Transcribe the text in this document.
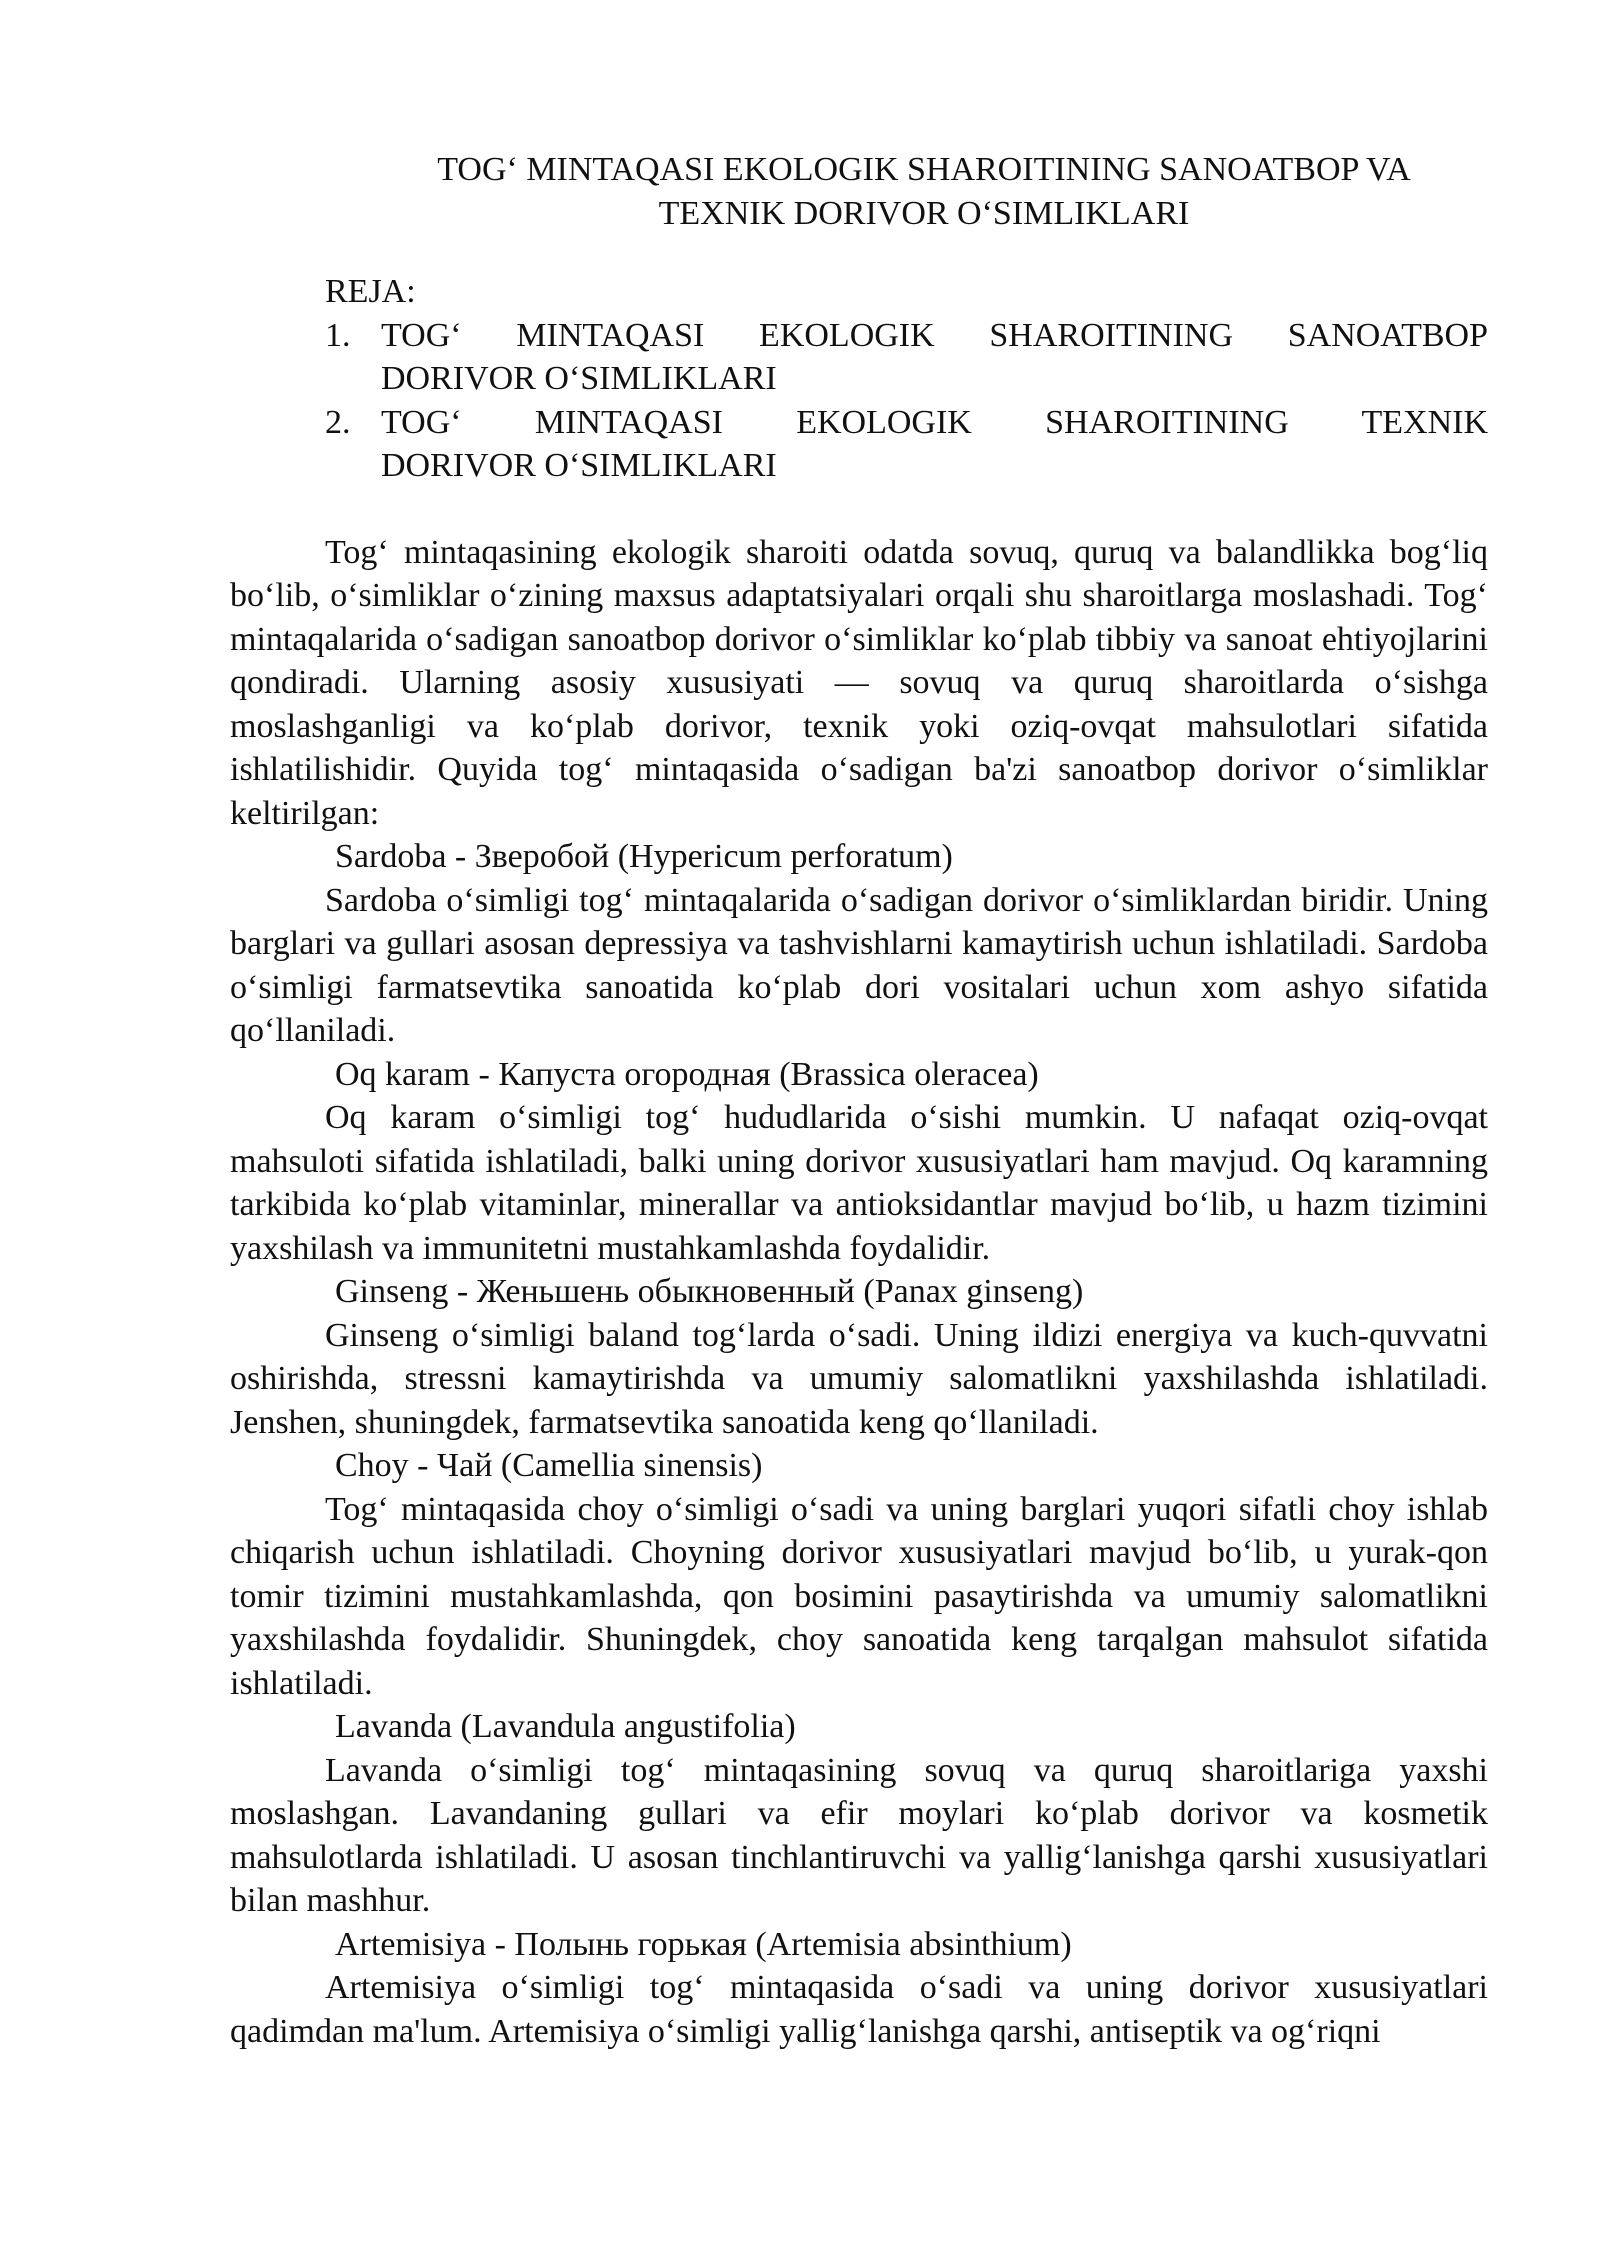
TOG‘ MINTAQASI EKOLOGIK SHAROITINING SANOATBOP VA
TEXNIK DORIVOR O‘SIMLIKLARI
REJA:
1. TOG‘ MINTAQASI EKOLOGIK SHAROITINING SANOATBOP
DORIVOR O‘SIMLIKLARI
2. TOG‘ MINTAQASI EKOLOGIK SHAROITINING TEXNIK
DORIVOR O‘SIMLIKLARI

Tog‘ mintaqasining ekologik sharoiti odatda sovuq, quruq va balandlikka bog‘liq bo‘lib, o‘simliklar o‘zining maxsus adaptatsiyalari orqali shu sharoitlarga moslashadi. Tog‘ mintaqalarida o‘sadigan sanoatbop dorivor o‘simliklar ko‘plab tibbiy va sanoat ehtiyojlarini qondiradi. Ularning asosiy xususiyati — sovuq va quruq sharoitlarda o‘sishga moslashganligi va ko‘plab dorivor, texnik yoki oziq-ovqat mahsulotlari sifatida ishlatilishidir. Quyida tog‘ mintaqasida o‘sadigan ba'zi sanoatbop dorivor o‘simliklar keltirilgan:

Sardoba - Зверобой (Hypericum perforatum)

Sardoba o‘simligi tog‘ mintaqalarida o‘sadigan dorivor o‘simliklardan biridir. Uning barglari va gullari asosan depressiya va tashvishlarni kamaytirish uchun ishlatiladi. Sardoba o‘simligi farmatsevtika sanoatida ko‘plab dori vositalari uchun xom ashyo sifatida qo‘llaniladi.

Oq karam - Капуста огородная (Brassica oleracea)

Oq karam o‘simligi tog‘ hududlarida o‘sishi mumkin. U nafaqat oziq-ovqat mahsuloti sifatida ishlatiladi, balki uning dorivor xususiyatlari ham mavjud. Oq karamning tarkibida ko‘plab vitaminlar, minerallar va antioksidantlar mavjud bo‘lib, u hazm tizimini yaxshilash va immunitetni mustahkamlashda foydalidir.

Ginseng - Женьшень обыкновенный (Panax ginseng)

Ginseng o‘simligi baland tog‘larda o‘sadi. Uning ildizi energiya va kuch-quvvatni oshirishda, stressni kamaytirishda va umumiy salomatlikni yaxshilashda ishlatiladi. Jenshen, shuningdek, farmatsevtika sanoatida keng qo‘llaniladi.

Choy - Чай (Camellia sinensis)

Tog‘ mintaqasida choy o‘simligi o‘sadi va uning barglari yuqori sifatli choy ishlab chiqarish uchun ishlatiladi. Choyning dorivor xususiyatlari mavjud bo‘lib, u yurak-qon tomir tizimini mustahkamlashda, qon bosimini pasaytirishda va umumiy salomatlikni yaxshilashda foydalidir. Shuningdek, choy sanoatida keng tarqalgan mahsulot sifatida ishlatiladi.

Lavanda (Lavandula angustifolia)

Lavanda o‘simligi tog‘ mintaqasining sovuq va quruq sharoitlariga yaxshi moslashgan. Lavandaning gullari va efir moylari ko‘plab dorivor va kosmetik mahsulotlarda ishlatiladi. U asosan tinchlantiruvchi va yallig‘lanishga qarshi xususiyatlari bilan mashhur.

Artemisiya - Полынь горькая (Artemisia absinthium)

Artemisiya o‘simligi tog‘ mintaqasida o‘sadi va uning dorivor xususiyatlari qadimdan ma'lum. Artemisiya o‘simligi yallig‘lanishga qarshi, antiseptik va og‘riqni
